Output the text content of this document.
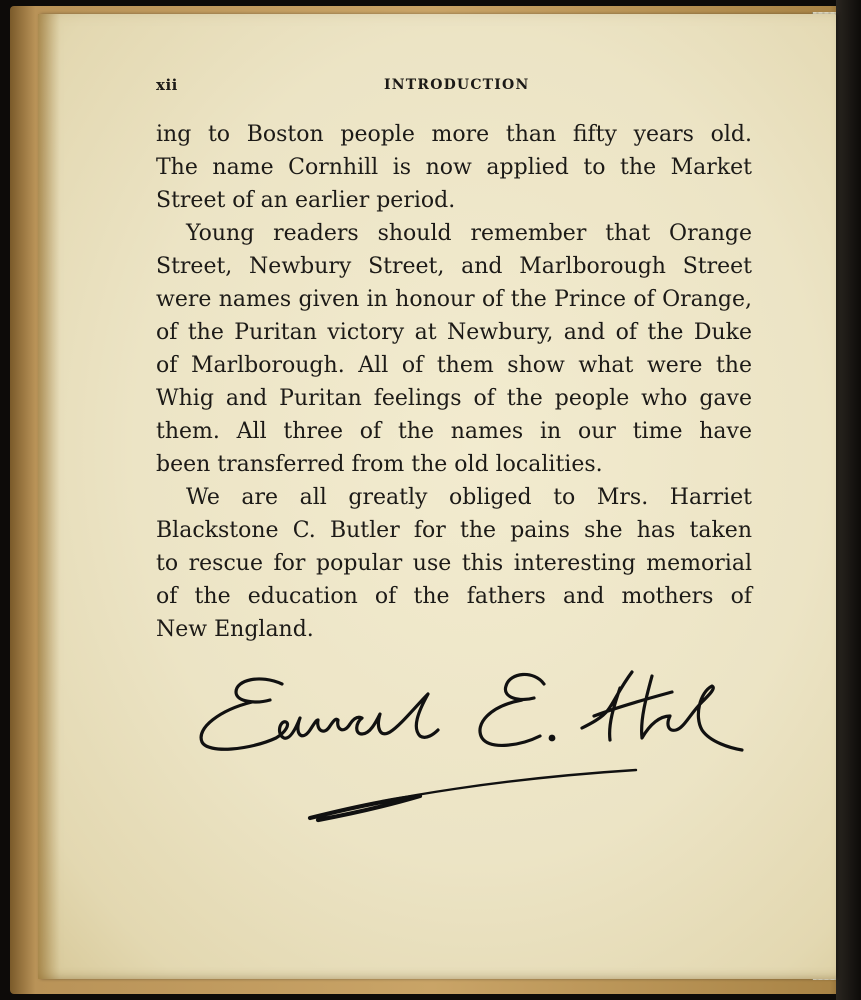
xii	INTRODUCTION
ing to Boston people more than fifty years old.
The name Cornhill is now applied to the Market
Street of an earlier period.
Young readers should remember that Orange
Street, Newbury Street, and Marlborough Street
were names given in honour of the Prince of Orange,
of the Puritan victory at Newbury, and of the Duke
of Marlborough. All of them show what were the
Whig and Puritan feelings of the people who gave
them. All three of the names in our time have
been transferred from the old localities.
We are all greatly obliged to Mrs. Harriet
Blackstone C. Butler for the pains she has taken
to rescue for popular use this interesting memorial
of the education of the fathers and mothers of
New England.
